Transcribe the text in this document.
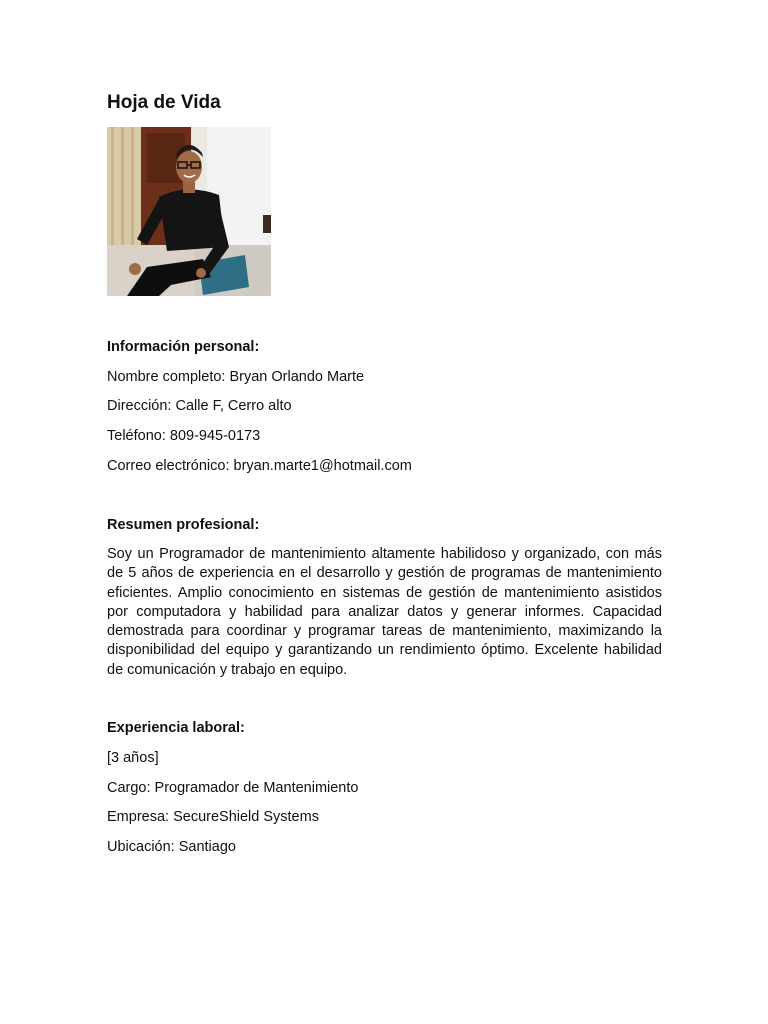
Hoja de Vida
Información personal:

Nombre completo: Bryan Orlando Marte

Dirección: Calle F, Cerro alto

Teléfono: 809-945-0173

Correo electrónico: bryan.marte1@hotmail.com

Resumen profesional:

Soy un Programador de mantenimiento altamente habilidoso y organizado, con más de 5 años de experiencia en el desarrollo y gestión de programas de mantenimiento eficientes. Amplio conocimiento en sistemas de gestión de mantenimiento asistidos por computadora y habilidad para analizar datos y generar informes. Capacidad demostrada para coordinar y programar tareas de mantenimiento, maximizando la disponibilidad del equipo y garantizando un rendimiento óptimo. Excelente habilidad de comunicación y trabajo en equipo.

Experiencia laboral:

[3 años]

Cargo: Programador de Mantenimiento

Empresa: SecureShield Systems

Ubicación: Santiago
